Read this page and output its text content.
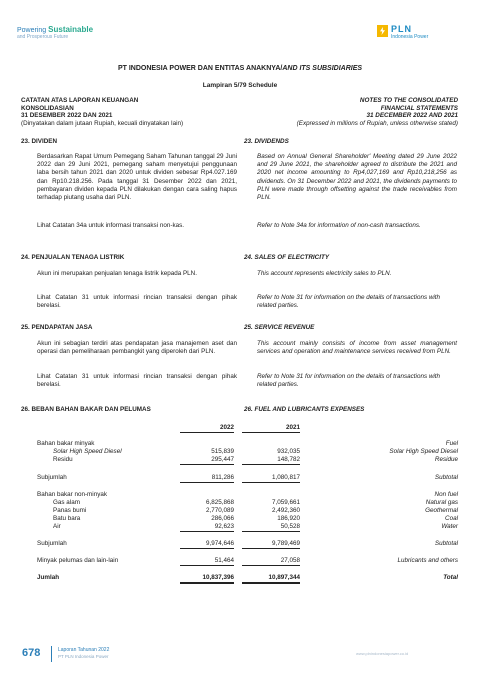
Powering Sustainable
and Prosperous Future
PLN
Indonesia Power
PT INDONESIA POWER DAN ENTITAS ANAKNYA/AND ITS SUBSIDIARIES
Lampiran 5/79 Schedule
CATATAN ATAS LAPORAN KEUANGAN
KONSOLIDASIAN
31 DESEMBER 2022 DAN 2021
(Dinyatakan dalam jutaan Rupiah, kecuali dinyatakan lain)
NOTES TO THE CONSOLIDATED
FINANCIAL STATEMENTS
31 DECEMBER 2022 AND 2021
(Expressed in millions of Rupiah, unless otherwise stated)
23. DIVIDEN	23. DIVIDENDS
Berdasarkan Rapat Umum Pemegang Saham Tahunan tanggal 29 Juni 2022 dan 29 Juni 2021, pemegang saham menyetujui penggunaan laba bersih tahun 2021 dan 2020 untuk dividen sebesar Rp4.027.169 dan Rp10.218.256. Pada tanggal 31 Desember 2022 dan 2021, pembayaran dividen kepada PLN dilakukan dengan cara saling hapus terhadap piutang usaha dari PLN.
Based on Annual General Shareholder' Meeting dated 29 June 2022 and 29 June 2021, the shareholder agreed to distribute the 2021 and 2020 net income amounting to Rp4,027,169 and Rp10,218,256 as dividends. On 31 December 2022 and 2021, the dividends payments to PLN were made through offsetting against the trade receivables from PLN.
Lihat Catatan 34a untuk informasi transaksi non-kas.	Refer to Note 34a for information of non-cash transactions.
24. PENJUALAN TENAGA LISTRIK	24. SALES OF ELECTRICITY
Akun ini merupakan penjualan tenaga listrik kepada PLN.	This account represents electricity sales to PLN.
Lihat Catatan 31 untuk informasi rincian transaksi dengan pihak berelasi.
Refer to Note 31 for information on the details of transactions with related parties.
25. PENDAPATAN JASA	25. SERVICE REVENUE
Akun ini sebagian terdiri atas pendapatan jasa manajemen aset dan operasi dan pemeliharaan pembangkit yang diperoleh dari PLN.
This account mainly consists of income from asset management services and operation and maintenance services received from PLN.
Lihat Catatan 31 untuk informasi rincian transaksi dengan pihak berelasi.
Refer to Note 31 for information on the details of transactions with related parties.
26. BEBAN BAHAN BAKAR DAN PELUMAS	26. FUEL AND LUBRICANTS EXPENSES
2022	2021
Bahan bakar minyak	Fuel
Solar High Speed Diesel	515,839	932,035	Solar High Speed Diesel
Residu	295,447	148,782	Residue
Subjumlah	811,286	1,080,817	Subtotal
Bahan bakar non-minyak	Non fuel
Gas alam	6,825,868	7,059,661	Natural gas
Panas bumi	2,770,089	2,492,360	Geothermal
Batu bara	286,066	186,920	Coal
Air	92,623	50,528	Water
Subjumlah	9,974,646	9,789,469	Subtotal
Minyak pelumas dan lain-lain	51,464	27,058	Lubricants and others
Jumlah	10,837,396	10,897,344	Total
678	Laporan Tahunan 2022
PT PLN Indonesia Power
www.plnindonesiapower.co.id
